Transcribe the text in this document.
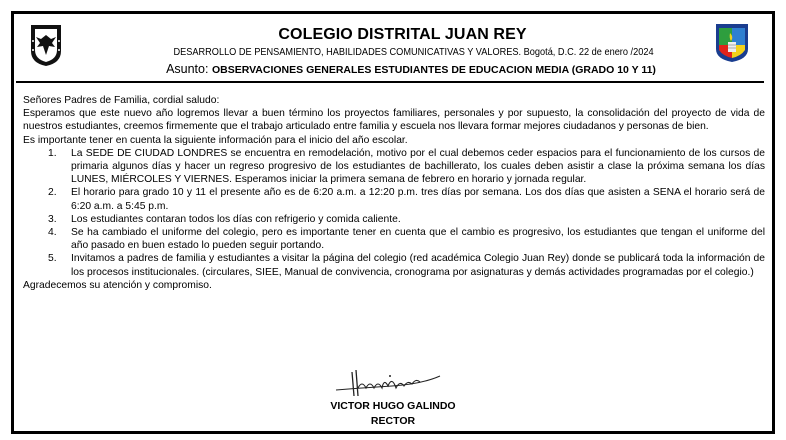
COLEGIO DISTRITAL JUAN REY
DESARROLLO DE PENSAMIENTO, HABILIDADES COMUNICATIVAS Y VALORES. Bogotá, D.C. 22 de enero /2024
Asunto: OBSERVACIONES GENERALES ESTUDIANTES DE EDUCACION MEDIA (GRADO 10 Y 11)

Señores Padres de Familia, cordial saludo:

Esperamos que este nuevo año logremos llevar a buen término los proyectos familiares, personales y por supuesto, la consolidación del proyecto de vida de nuestros estudiantes, creemos firmemente que el trabajo articulado entre familia y escuela nos llevara formar mejores ciudadanos y personas de bien.

Es importante tener en cuenta la siguiente información para el inicio del año escolar.

1. La SEDE DE CIUDAD LONDRES se encuentra en remodelación, motivo por el cual debemos ceder espacios para el funcionamiento de los cursos de primaria algunos días y hacer un regreso progresivo de los estudiantes de bachillerato, los cuales deben asistir a clase la próxima semana los días LUNES, MIÉRCOLES Y VIERNES. Esperamos iniciar la primera semana de febrero en horario y jornada regular.
2. El horario para grado 10 y 11 el presente año es de 6:20 a.m. a 12:20 p.m. tres días por semana. Los dos días que asisten a SENA el horario será de 6:20 a.m. a 5:45 p.m.
3. Los estudiantes contaran todos los días con refrigerio y comida caliente.
4. Se ha cambiado el uniforme del colegio, pero es importante tener en cuenta que el cambio es progresivo, los estudiantes que tengan el uniforme del año pasado en buen estado lo pueden seguir portando.
5. Invitamos a padres de familia y estudiantes a visitar la página del colegio (red académica Colegio Juan Rey) donde se publicará toda la información de los procesos institucionales. (circulares, SIEE, Manual de convivencia, cronograma por asignaturas y demás actividades programadas por el colegio.)

Agradecemos su atención y compromiso.

VICTOR HUGO GALINDO
RECTOR
